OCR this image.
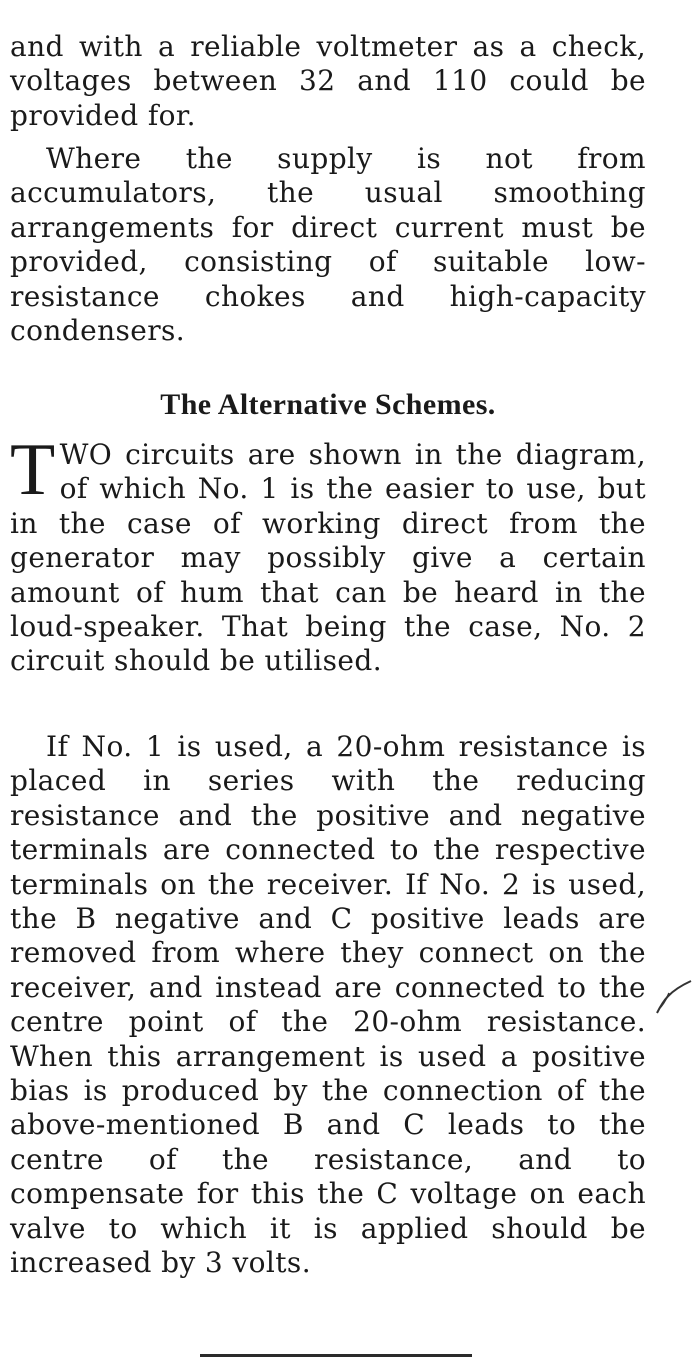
and with a reliable voltmeter as a check, voltages between 32 and 110 could be provided for.

Where the supply is not from accumulators, the usual smoothing arrangements for direct current must be provided, consisting of suitable low-resistance chokes and high-capacity condensers.

The Alternative Schemes.

TWO circuits are shown in the diagram, of which No. 1 is the easier to use, but in the case of working direct from the generator may possibly give a certain amount of hum that can be heard in the loud-speaker. That being the case, No. 2 circuit should be utilised.

If No. 1 is used, a 20-ohm resistance is placed in series with the reducing resistance and the positive and negative terminals are connected to the respective terminals on the receiver. If No. 2 is used, the B negative and C positive leads are removed from where they connect on the receiver, and instead are connected to the centre point of the 20-ohm resistance. When this arrangement is used a positive bias is produced by the connection of the above-mentioned B and C leads to the centre of the resistance, and to compensate for this the C voltage on each valve to which it is applied should be increased by 3 volts.
